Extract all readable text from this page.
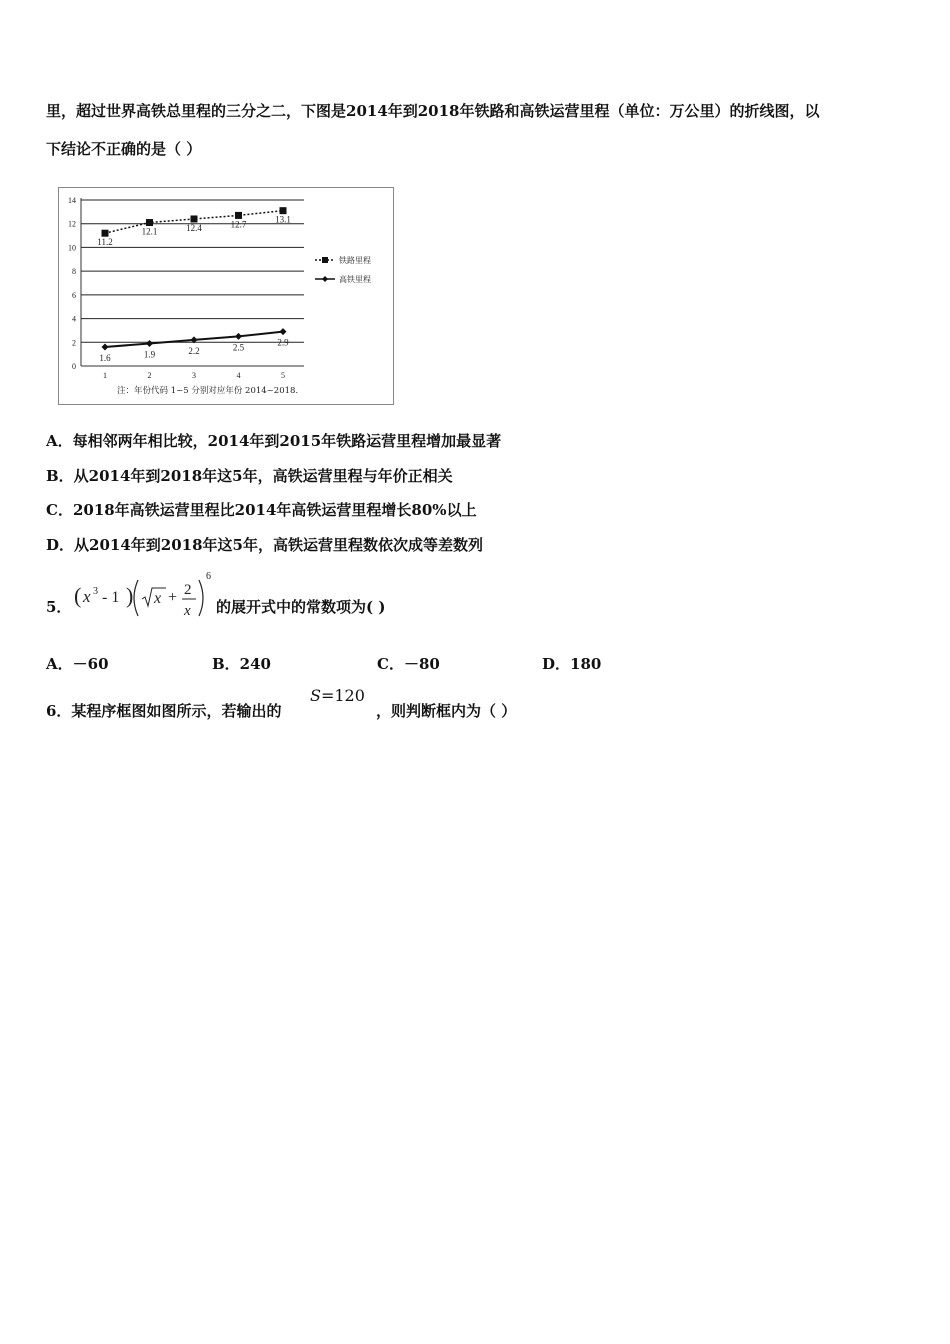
里，超过世界高铁总里程的三分之二，下图是2014年到2018年铁路和高铁运营里程（单位：万公里）的折线图，以
下结论不正确的是（ ）
0
2
4
6
8
10
12
14
1	2	3	4	5
11.2
12.1	12.4	12.7	13.1
1.6	1.9	2.2	2.5	2.9
铁路里程
高铁里程
注：年份代码 1~5 分别对应年份 2014~2018.
A．每相邻两年相比较，2014年到2015年铁路运营里程增加最显著
B．从2014年到2018年这5年，高铁运营里程与年价正相关
C．2018年高铁运营里程比2014年高铁运营里程增长80%以上
D．从2014年到2018年这5年，高铁运营里程数依次成等差数列
5． ( x 3 - 1 ) x + 2
x
6
的展开式中的常数项为( )
A．－60	B．240	C．－80	D．180
6．某程序框图如图所示，若输出的
S=120
，则判断框内为（ ）
